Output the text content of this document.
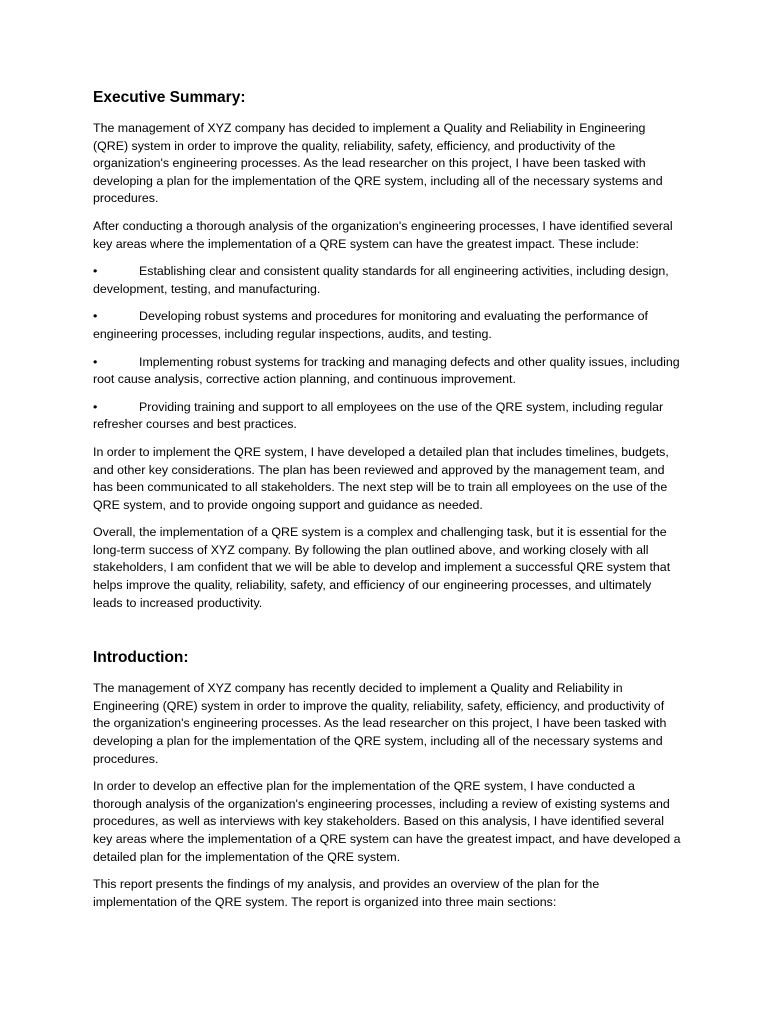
Executive Summary:

The management of XYZ company has decided to implement a Quality and Reliability in Engineering (QRE) system in order to improve the quality, reliability, safety, efficiency, and productivity of the organization's engineering processes. As the lead researcher on this project, I have been tasked with developing a plan for the implementation of the QRE system, including all of the necessary systems and procedures.

After conducting a thorough analysis of the organization's engineering processes, I have identified several key areas where the implementation of a QRE system can have the greatest impact. These include:

•	Establishing clear and consistent quality standards for all engineering activities, including design, development, testing, and manufacturing.

•	Developing robust systems and procedures for monitoring and evaluating the performance of engineering processes, including regular inspections, audits, and testing.

•	Implementing robust systems for tracking and managing defects and other quality issues, including root cause analysis, corrective action planning, and continuous improvement.

•	Providing training and support to all employees on the use of the QRE system, including regular refresher courses and best practices.

In order to implement the QRE system, I have developed a detailed plan that includes timelines, budgets, and other key considerations. The plan has been reviewed and approved by the management team, and has been communicated to all stakeholders. The next step will be to train all employees on the use of the QRE system, and to provide ongoing support and guidance as needed.

Overall, the implementation of a QRE system is a complex and challenging task, but it is essential for the long-term success of XYZ company. By following the plan outlined above, and working closely with all stakeholders, I am confident that we will be able to develop and implement a successful QRE system that helps improve the quality, reliability, safety, and efficiency of our engineering processes, and ultimately leads to increased productivity.

Introduction:

The management of XYZ company has recently decided to implement a Quality and Reliability in Engineering (QRE) system in order to improve the quality, reliability, safety, efficiency, and productivity of the organization's engineering processes. As the lead researcher on this project, I have been tasked with developing a plan for the implementation of the QRE system, including all of the necessary systems and procedures.

In order to develop an effective plan for the implementation of the QRE system, I have conducted a thorough analysis of the organization's engineering processes, including a review of existing systems and procedures, as well as interviews with key stakeholders. Based on this analysis, I have identified several key areas where the implementation of a QRE system can have the greatest impact, and have developed a detailed plan for the implementation of the QRE system.

This report presents the findings of my analysis, and provides an overview of the plan for the implementation of the QRE system. The report is organized into three main sections:
